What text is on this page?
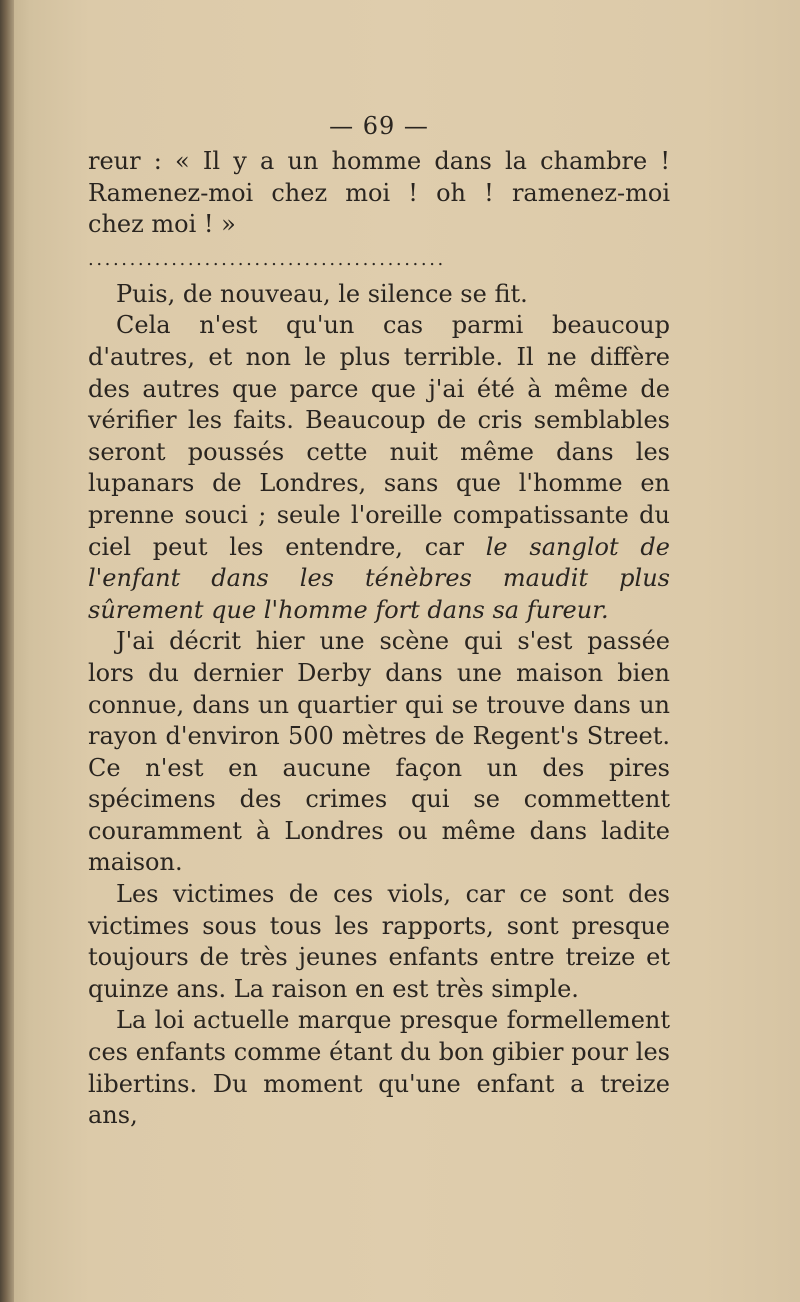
— 69 —

reur : « Il y a un homme dans la chambre ! Ramenez-moi chez moi ! oh ! ramenez-moi chez moi ! »

...........................................

Puis, de nouveau, le silence se fit.

Cela n'est qu'un cas parmi beaucoup d'autres, et non le plus terrible. Il ne diffère des autres que parce que j'ai été à même de vérifier les faits. Beaucoup de cris semblables seront poussés cette nuit même dans les lupanars de Londres, sans que l'homme en prenne souci ; seule l'oreille compatissante du ciel peut les entendre, car le sanglot de l'enfant dans les ténèbres maudit plus sûrement que l'homme fort dans sa fureur.

J'ai décrit hier une scène qui s'est passée lors du dernier Derby dans une maison bien connue, dans un quartier qui se trouve dans un rayon d'environ 500 mètres de Regent's Street. Ce n'est en aucune façon un des pires spécimens des crimes qui se commettent couramment à Londres ou même dans ladite maison.

Les victimes de ces viols, car ce sont des victimes sous tous les rapports, sont presque toujours de très jeunes enfants entre treize et quinze ans. La raison en est très simple.

La loi actuelle marque presque formellement ces enfants comme étant du bon gibier pour les libertins. Du moment qu'une enfant a treize ans,
